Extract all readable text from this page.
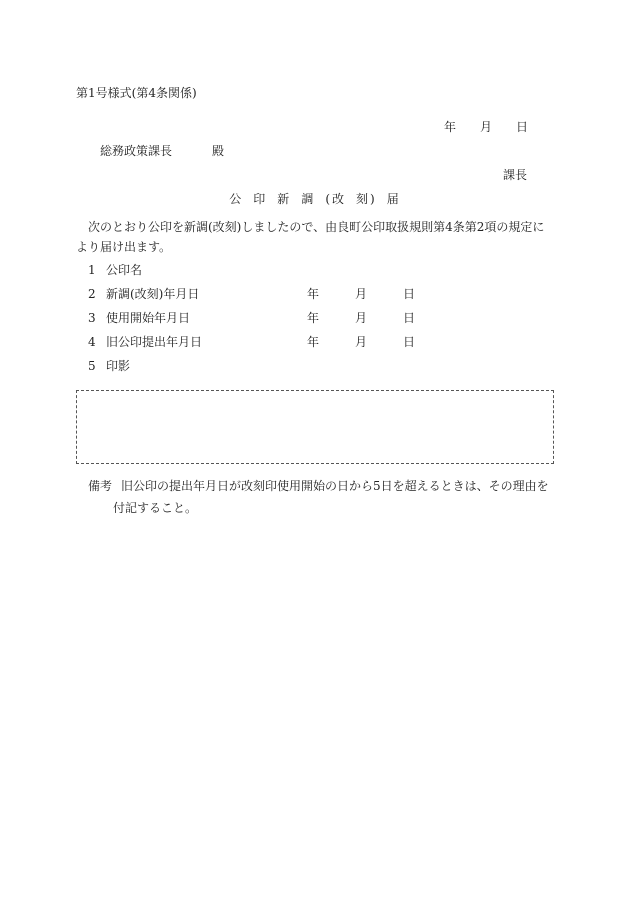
第1号様式(第4条関係)
年 月 日
総務政策課長	殿
課長
公 印 新 調 (改 刻) 届
次のとおり公印を新調(改刻)しましたので、由良町公印取扱規則第4条第2項の規定により届け出ます。
1 公印名
2 新調(改刻)年月日	年	月	日
3 使用開始年月日	年	月	日
4 旧公印提出年月日	年	月	日
5 印影
備考 旧公印の提出年月日が改刻印使用開始の日から5日を超えるときは、その理由を
付記すること。
